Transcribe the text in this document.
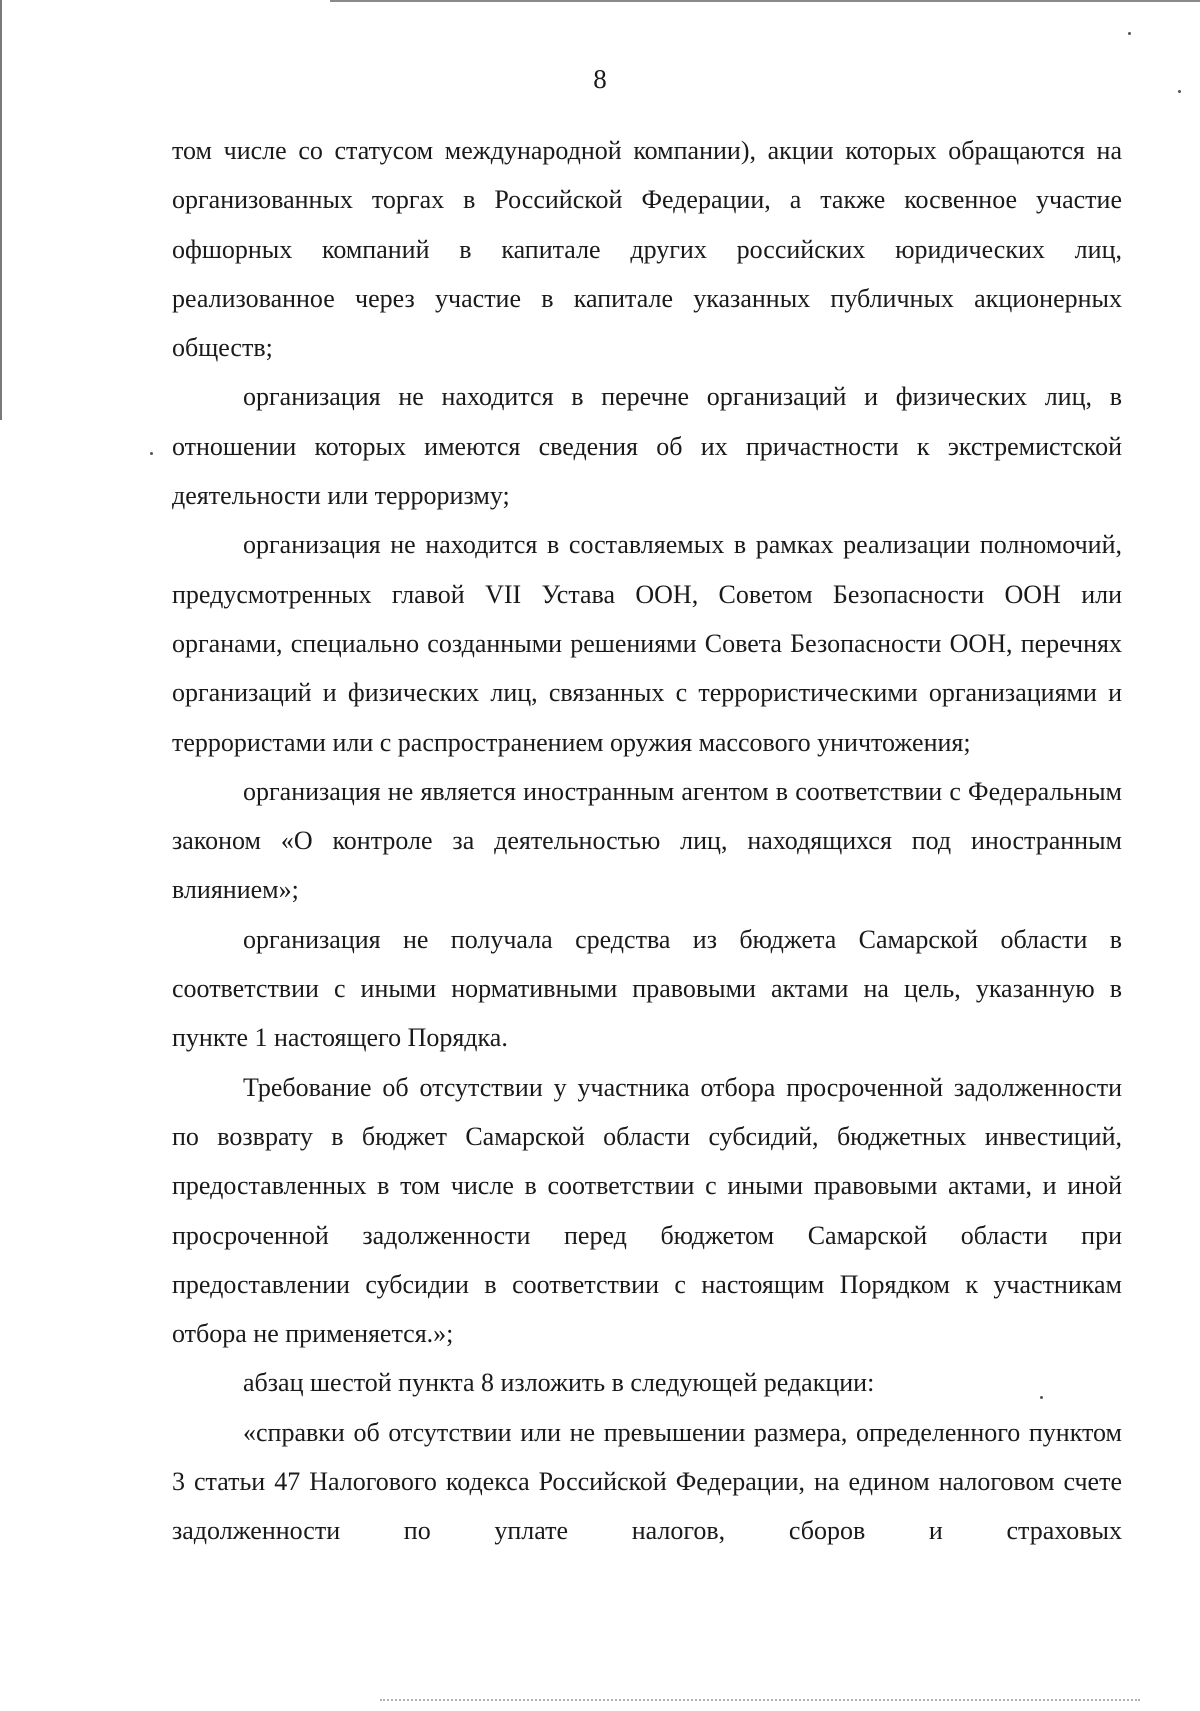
8

том числе со статусом международной компании), акции которых обращаются на организованных торгах в Российской Федерации, а также косвенное участие офшорных компаний в капитале других российских юридических лиц, реализованное через участие в капитале указанных публичных акционерных обществ;

организация не находится в перечне организаций и физических лиц, в отношении которых имеются сведения об их причастности к экстремистской деятельности или терроризму;

организация не находится в составляемых в рамках реализации полномочий, предусмотренных главой VII Устава ООН, Советом Безопасности ООН или органами, специально созданными решениями Совета Безопасности ООН, перечнях организаций и физических лиц, связанных с террористическими организациями и террористами или с распространением оружия массового уничтожения;

организация не является иностранным агентом в соответствии с Федеральным законом «О контроле за деятельностью лиц, находящихся под иностранным влиянием»;

организация не получала средства из бюджета Самарской области в соответствии с иными нормативными правовыми актами на цель, указанную в пункте 1 настоящего Порядка.

Требование об отсутствии у участника отбора просроченной задолженности по возврату в бюджет Самарской области субсидий, бюджетных инвестиций, предоставленных в том числе в соответствии с иными правовыми актами, и иной просроченной задолженности перед бюджетом Самарской области при предоставлении субсидии в соответствии с настоящим Порядком к участникам отбора не применяется.»;

абзац шестой пункта 8 изложить в следующей редакции:

«справки об отсутствии или не превышении размера, определенного пунктом 3 статьи 47 Налогового кодекса Российской Федерации, на едином налоговом счете задолженности по уплате налогов, сборов и страховых
